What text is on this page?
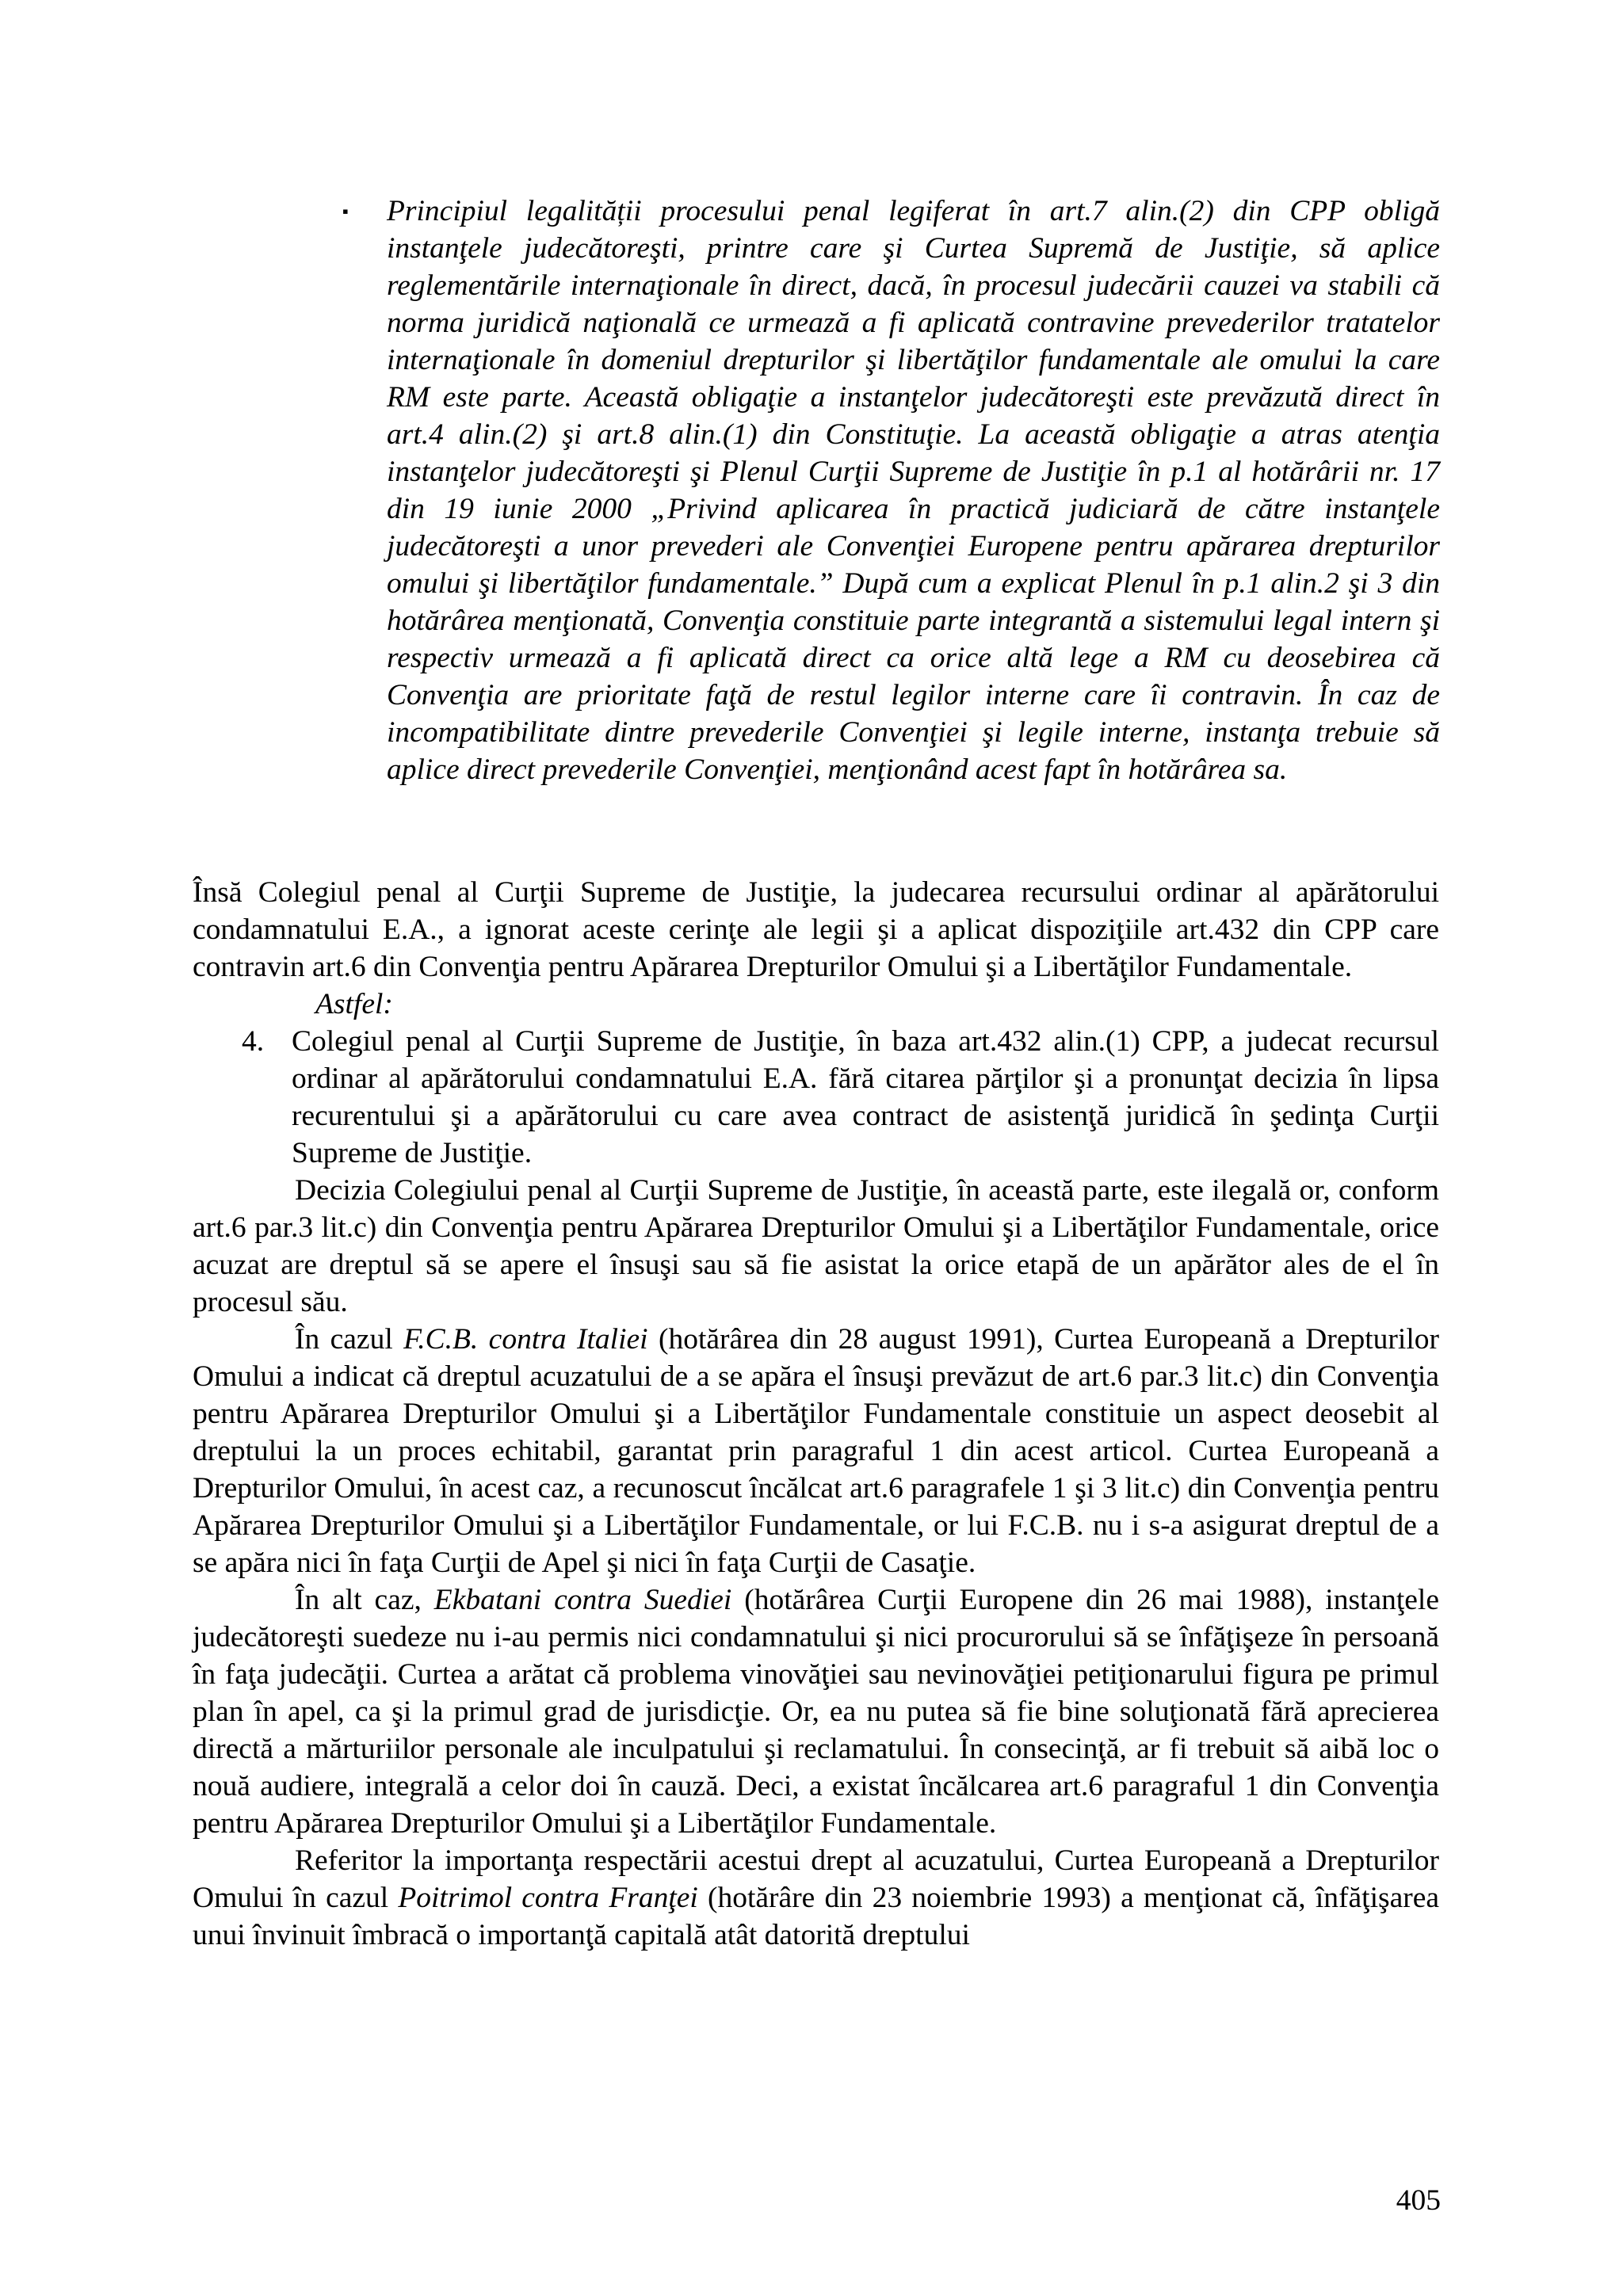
▪	Principiul legalității procesului penal legiferat în art.7 alin.(2) din CPP obligă instanţele judecătoreşti, printre care şi Curtea Supremă de Justiţie, să aplice reglementările internaţionale în direct, dacă, în procesul judecării cauzei va stabili că norma juridică naţională ce urmează a fi aplicată contravine prevederilor tratatelor internaţionale în domeniul drepturilor şi libertăţilor fundamentale ale omului la care RM este parte. Această obligaţie a instanţelor judecătoreşti este prevăzută direct în art.4 alin.(2) şi art.8 alin.(1) din Constituţie. La această obligaţie a atras atenţia instanţelor judecătoreşti şi Plenul Curţii Supreme de Justiţie în p.1 al hotărârii nr. 17 din 19 iunie 2000 „Privind aplicarea în practică judiciară de către instanţele judecătoreşti a unor prevederi ale Convenţiei Europene pentru apărarea drepturilor omului şi libertăţilor fundamentale.” După cum a explicat Plenul în p.1 alin.2 şi 3 din hotărârea menţionată, Convenţia constituie parte integrantă a sistemului legal intern şi respectiv urmează a fi aplicată direct ca orice altă lege a RM cu deosebirea că Convenţia are prioritate faţă de restul legilor interne care îi contravin. În caz de incompatibilitate dintre prevederile Convenţiei şi legile interne, instanţa trebuie să aplice direct prevederile Convenţiei, menţionând acest fapt în hotărârea sa.

Însă Colegiul penal al Curţii Supreme de Justiţie, la judecarea recursului ordinar al apărătorului condamnatului E.A., a ignorat aceste cerinţe ale legii şi a aplicat dispoziţiile art.432 din CPP care contravin art.6 din Convenţia pentru Apărarea Drepturilor Omului şi a Libertăţilor Fundamentale.

Astfel:

4. Colegiul penal al Curţii Supreme de Justiţie, în baza art.432 alin.(1) CPP, a judecat recursul ordinar al apărătorului condamnatului E.A. fără citarea părţilor şi a pronunţat decizia în lipsa recurentului şi a apărătorului cu care avea contract de asistenţă juridică în şedinţa Curţii Supreme de Justiţie.

Decizia Colegiului penal al Curţii Supreme de Justiţie, în această parte, este ilegală or, conform art.6 par.3 lit.c) din Convenţia pentru Apărarea Drepturilor Omului şi a Libertăţilor Fundamentale, orice acuzat are dreptul să se apere el însuşi sau să fie asistat la orice etapă de un apărător ales de el în procesul său.

În cazul F.C.B. contra Italiei (hotărârea din 28 august 1991), Curtea Europeană a Drepturilor Omului a indicat că dreptul acuzatului de a se apăra el însuşi prevăzut de art.6 par.3 lit.c) din Convenţia pentru Apărarea Drepturilor Omului şi a Libertăţilor Fundamentale constituie un aspect deosebit al dreptului la un proces echitabil, garantat prin paragraful 1 din acest articol. Curtea Europeană a Drepturilor Omului, în acest caz, a recunoscut încălcat art.6 paragrafele 1 şi 3 lit.c) din Convenţia pentru Apărarea Drepturilor Omului şi a Libertăţilor Fundamentale, or lui F.C.B. nu i s-a asigurat dreptul de a se apăra nici în faţa Curţii de Apel şi nici în faţa Curţii de Casaţie.

În alt caz, Ekbatani contra Suediei (hotărârea Curţii Europene din 26 mai 1988), instanţele judecătoreşti suedeze nu i-au permis nici condamnatului şi nici procurorului să se înfăţişeze în persoană în faţa judecăţii. Curtea a arătat că problema vinovăţiei sau nevinovăţiei petiţionarului figura pe primul plan în apel, ca şi la primul grad de jurisdicţie. Or, ea nu putea să fie bine soluţionată fără aprecierea directă a mărturiilor personale ale inculpatului şi reclamatului. În consecinţă, ar fi trebuit să aibă loc o nouă audiere, integrală a celor doi în cauză. Deci, a existat încălcarea art.6 paragraful 1 din Convenţia pentru Apărarea Drepturilor Omului şi a Libertăţilor Fundamentale.

Referitor la importanţa respectării acestui drept al acuzatului, Curtea Europeană a Drepturilor Omului în cazul Poitrimol contra Franţei (hotărâre din 23 noiembrie 1993) a menţionat că, înfăţişarea unui învinuit îmbracă o importanţă capitală atât datorită dreptului

405
